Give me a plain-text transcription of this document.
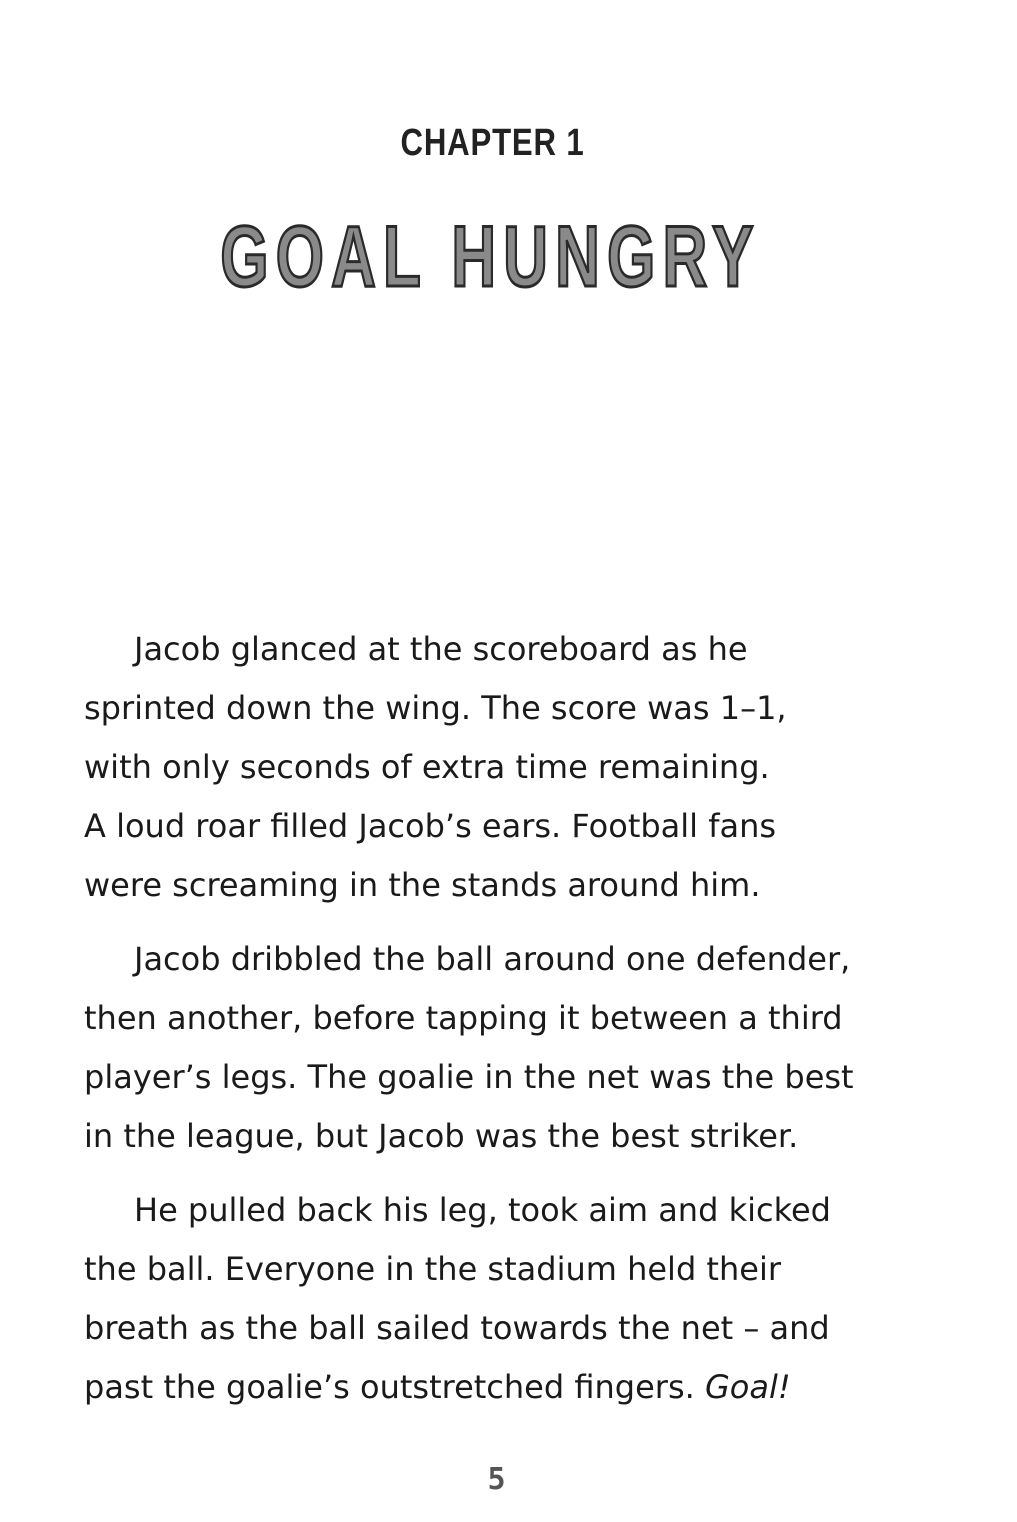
CHAPTER 1
GOAL HUNGRY

Jacob glanced at the scoreboard as he
sprinted down the wing. The score was 1–1,
with only seconds of extra time remaining.
A loud roar filled Jacob’s ears. Football fans
were screaming in the stands around him.

Jacob dribbled the ball around one defender,
then another, before tapping it between a third
player’s legs. The goalie in the net was the best
in the league, but Jacob was the best striker.

He pulled back his leg, took aim and kicked
the ball. Everyone in the stadium held their
breath as the ball sailed towards the net – and
past the goalie’s outstretched fingers. Goal!

5
